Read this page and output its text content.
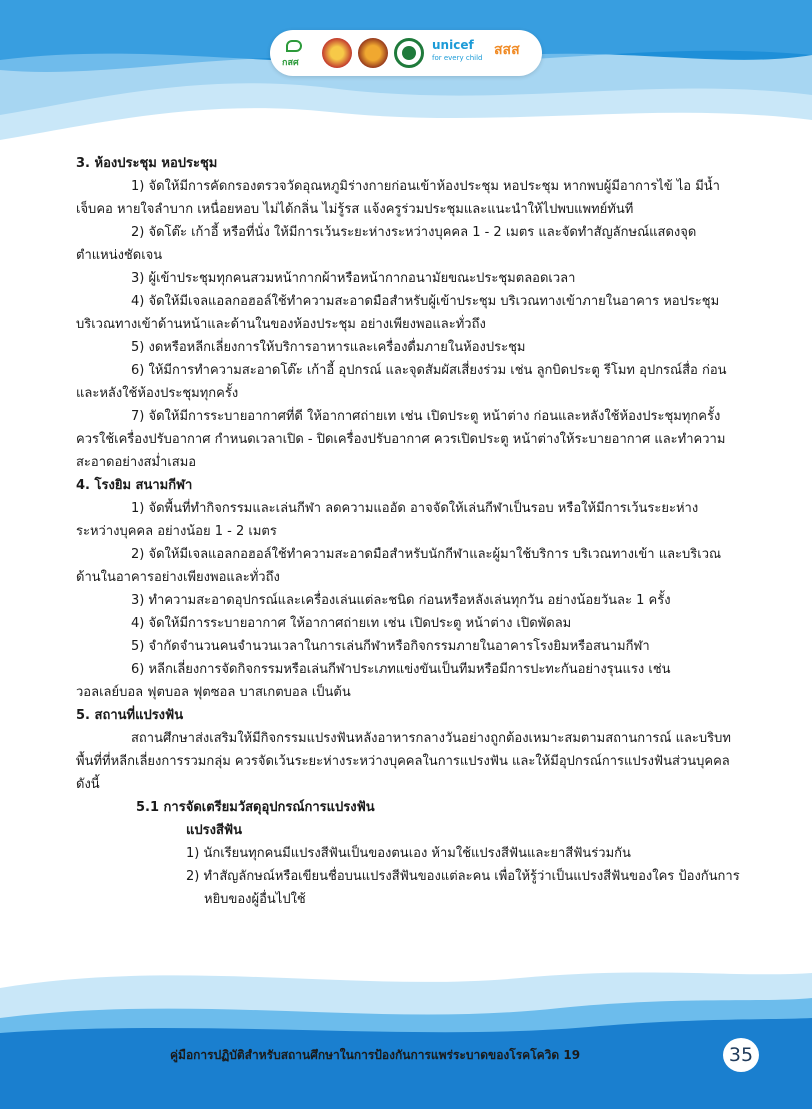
กสศ
unicef
for every child สสส

3. ห้องประชุม หอประชุม

1) จัดให้มีการคัดกรองตรวจวัดอุณหภูมิร่างกายก่อนเข้าห้องประชุม หอประชุม หากพบผู้มีอาการไข้ ไอ มีน้ำ เจ็บคอ หายใจลำบาก เหนื่อยหอบ ไม่ได้กลิ่น ไม่รู้รส แจ้งครูร่วมประชุมและแนะนำให้ไปพบแพทย์ทันที

2) จัดโต๊ะ เก้าอี้ หรือที่นั่ง ให้มีการเว้นระยะห่างระหว่างบุคคล 1 - 2 เมตร และจัดทำสัญลักษณ์แสดงจุดตำแหน่งชัดเจน

3) ผู้เข้าประชุมทุกคนสวมหน้ากากผ้าหรือหน้ากากอนามัยขณะประชุมตลอดเวลา

4) จัดให้มีเจลแอลกอฮอล์ใช้ทำความสะอาดมือสำหรับผู้เข้าประชุม บริเวณทางเข้าภายในอาคาร หอประชุม บริเวณทางเข้าด้านหน้าและด้านในของห้องประชุม อย่างเพียงพอและทั่วถึง

5) งดหรือหลีกเลี่ยงการให้บริการอาหารและเครื่องดื่มภายในห้องประชุม

6) ให้มีการทำความสะอาดโต๊ะ เก้าอี้ อุปกรณ์ และจุดสัมผัสเสี่ยงร่วม เช่น ลูกบิดประตู รีโมท อุปกรณ์สื่อ ก่อนและหลังใช้ห้องประชุมทุกครั้ง

7) จัดให้มีการระบายอากาศที่ดี ให้อากาศถ่ายเท เช่น เปิดประตู หน้าต่าง ก่อนและหลังใช้ห้องประชุมทุกครั้ง ควรใช้เครื่องปรับอากาศ กำหนดเวลาเปิด - ปิดเครื่องปรับอากาศ ควรเปิดประตู หน้าต่างให้ระบายอากาศ และทำความสะอาดอย่างสม่ำเสมอ

4. โรงยิม สนามกีฬา

1) จัดพื้นที่ทำกิจกรรมและเล่นกีฬา ลดความแออัด อาจจัดให้เล่นกีฬาเป็นรอบ หรือให้มีการเว้นระยะห่างระหว่างบุคคล อย่างน้อย 1 - 2 เมตร

2) จัดให้มีเจลแอลกอฮอล์ใช้ทำความสะอาดมือสำหรับนักกีฬาและผู้มาใช้บริการ บริเวณทางเข้า และบริเวณด้านในอาคารอย่างเพียงพอและทั่วถึง

3) ทำความสะอาดอุปกรณ์และเครื่องเล่นแต่ละชนิด ก่อนหรือหลังเล่นทุกวัน อย่างน้อยวันละ 1 ครั้ง

4) จัดให้มีการระบายอากาศ ให้อากาศถ่ายเท เช่น เปิดประตู หน้าต่าง เปิดพัดลม

5) จำกัดจำนวนคนจำนวนเวลาในการเล่นกีฬาหรือกิจกรรมภายในอาคารโรงยิมหรือสนามกีฬา

6) หลีกเลี่ยงการจัดกิจกรรมหรือเล่นกีฬาประเภทแข่งขันเป็นทีมหรือมีการปะทะกันอย่างรุนแรง เช่น วอลเลย์บอล ฟุตบอล ฟุตซอล บาสเกตบอล เป็นต้น

5. สถานที่แปรงฟัน

สถานศึกษาส่งเสริมให้มีกิจกรรมแปรงฟันหลังอาหารกลางวันอย่างถูกต้องเหมาะสมตามสถานการณ์ และบริบทพื้นที่ที่หลีกเลี่ยงการรวมกลุ่ม ควรจัดเว้นระยะห่างระหว่างบุคคลในการแปรงฟัน และให้มีอุปกรณ์การแปรงฟันส่วนบุคคล ดังนี้

5.1 การจัดเตรียมวัสดุอุปกรณ์การแปรงฟัน

แปรงสีฟัน

1) นักเรียนทุกคนมีแปรงสีฟันเป็นของตนเอง ห้ามใช้แปรงสีฟันและยาสีฟันร่วมกัน

2) ทำสัญลักษณ์หรือเขียนชื่อบนแปรงสีฟันของแต่ละคน เพื่อให้รู้ว่าเป็นแปรงสีฟันของใคร ป้องกันการหยิบของผู้อื่นไปใช้

คู่มือการปฏิบัติสำหรับสถานศึกษาในการป้องกันการแพร่ระบาดของโรคโควิด 19	35
